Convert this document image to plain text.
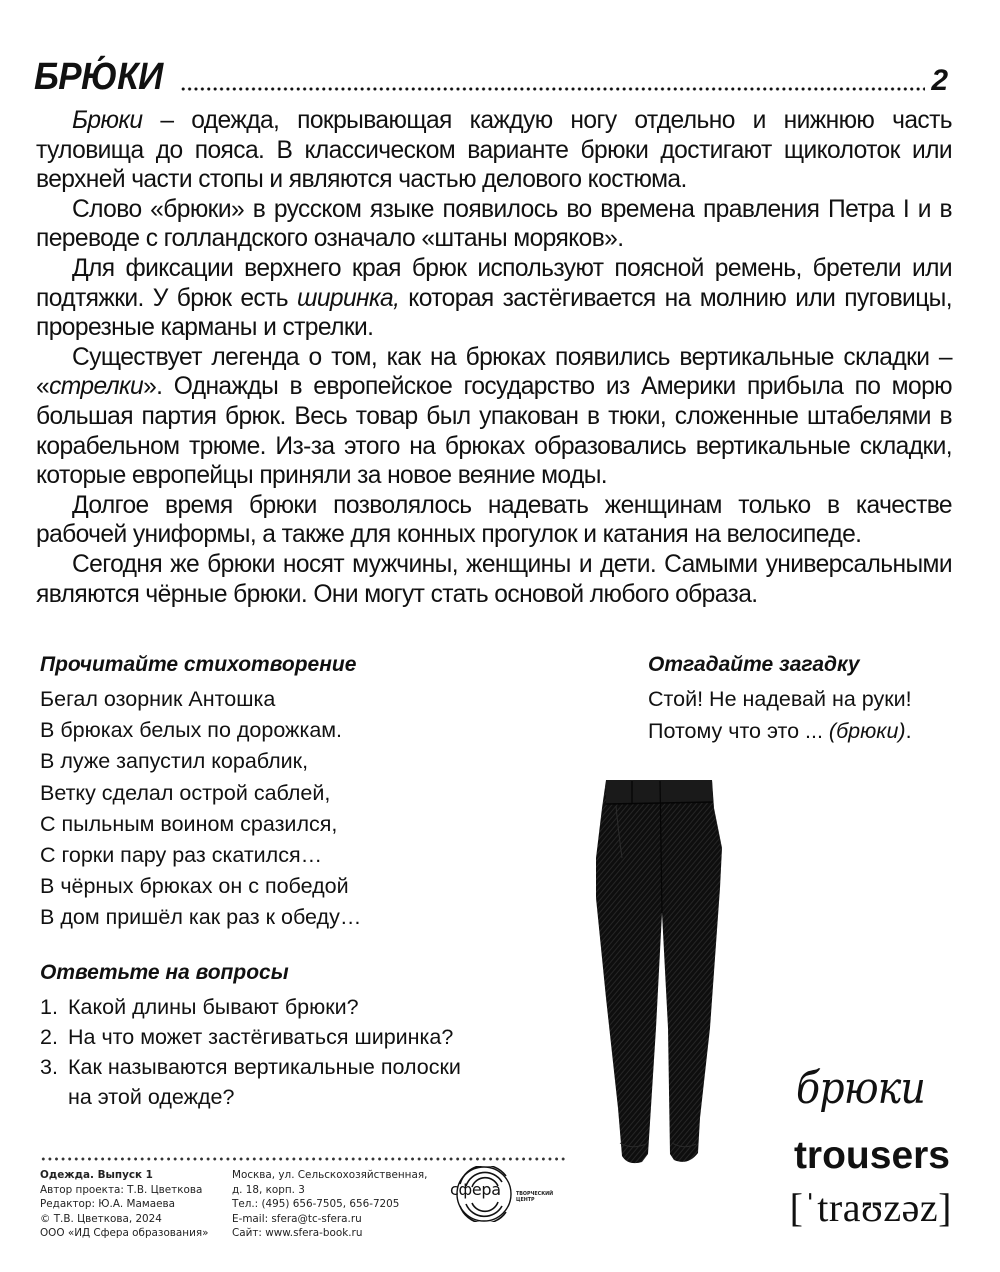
БРЮ́КИ	2

Брюки – одежда, покрывающая каждую ногу отдельно и нижнюю часть туловища до пояса. В классическом варианте брюки достигают щиколоток или верхней части стопы и являются частью делового костюма.

Слово «брюки» в русском языке появилось во времена правления Петра I и в переводе с голландского означало «штаны моряков».

Для фиксации верхнего края брюк используют поясной ремень, бретели или подтяжки. У брюк есть ширинка, которая застёгивается на молнию или пуговицы, прорезные карманы и стрелки.

Существует легенда о том, как на брюках появились вертикальные складки – «стрелки». Однажды в европейское государство из Америки прибыла по морю большая партия брюк. Весь товар был упакован в тюки, сложенные штабелями в корабельном трюме. Из-за этого на брюках образовались вертикальные складки, которые европейцы приняли за новое веяние моды.

Долгое время брюки позволялось надевать женщинам только в качестве рабочей униформы, а также для конных прогулок и катания на велосипеде.

Сегодня же брюки носят мужчины, женщины и дети. Самыми универсальными являются чёрные брюки. Они могут стать основой любого образа.

Прочитайте стихотворение
Бегал озорник Антошка
В брюках белых по дорожкам.
В луже запустил кораблик,
Ветку сделал острой саблей,
С пыльным воином сразился,
С горки пару раз скатился…
В чёрных брюках он с победой
В дом пришёл как раз к обеду…
Отгадайте загадку
Стой! Не надевай на руки!
Потому что это ... (брюки).
Ответьте на вопросы
1. Какой длины бывают брюки?
2. На что может застёгиваться ширинка?
3. Как называются вертикальные полоски
на этой одежде?	брюки
trousers
[ˈtraʊzəz]
Одежда. Выпуск 1
Автор проекта: Т.В. Цветкова
Редактор: Ю.А. Мамаева
© Т.В. Цветкова, 2024
ООО «ИД Сфера образования»
Москва, ул. Сельскохозяйственная,
д. 18, корп. 3
Тел.: (495) 656-7505, 656-7205
E-mail: sfera@tc-sfera.ru
Сайт: www.sfera-book.ru
сфера	ТВОРЧЕСКИЙ
ЦЕНТР
